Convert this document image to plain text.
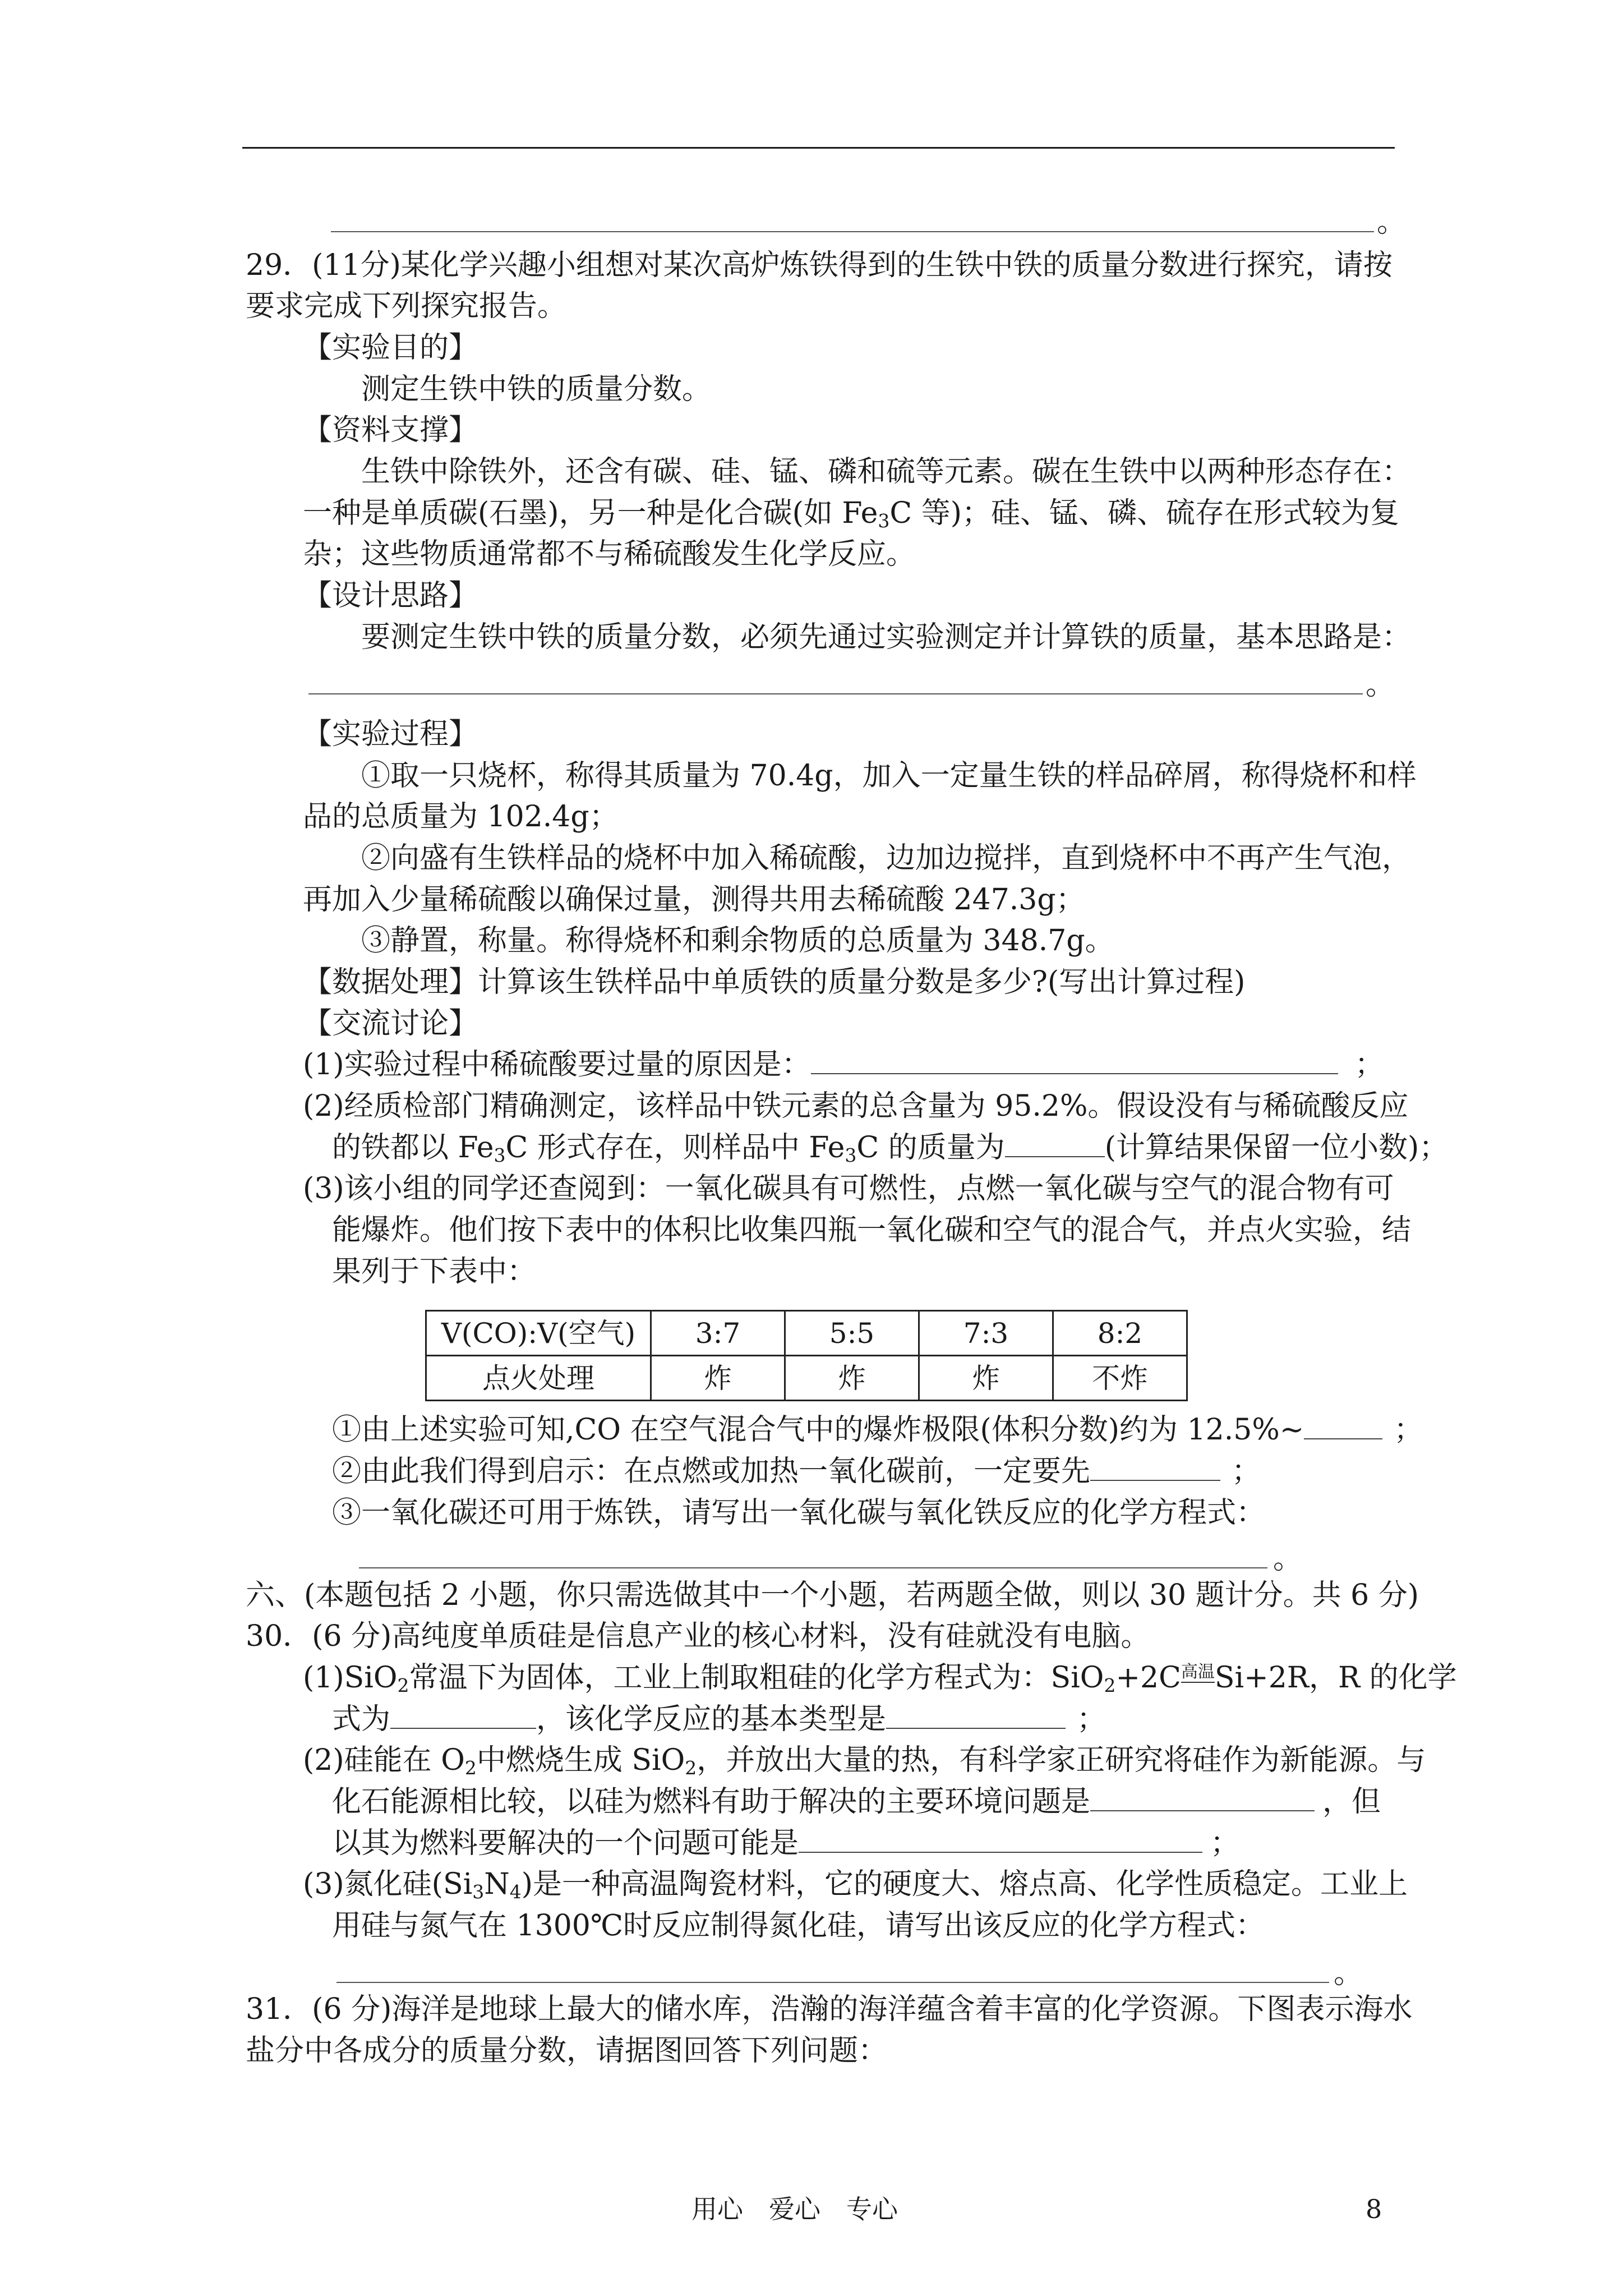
。
29．(11分)某化学兴趣小组想对某次高炉炼铁得到的生铁中铁的质量分数进行探究，请按
要求完成下列探究报告。
【实验目的】
测定生铁中铁的质量分数。
【资料支撑】
生铁中除铁外，还含有碳、硅、锰、磷和硫等元素。碳在生铁中以两种形态存在：
一种是单质碳(石墨)，另一种是化合碳(如 $Fe_3C$ 等)；硅、锰、磷、硫存在形式较为复
杂；这些物质通常都不与稀硫酸发生化学反应。
【设计思路】
要测定生铁中铁的质量分数，必须先通过实验测定并计算铁的质量，基本思路是：
。
【实验过程】
①取一只烧杯，称得其质量为 70.4g，加入一定量生铁的样品碎屑，称得烧杯和样
品的总质量为 102.4g；
②向盛有生铁样品的烧杯中加入稀硫酸，边加边搅拌，直到烧杯中不再产生气泡，
再加入少量稀硫酸以确保过量，测得共用去稀硫酸 247.3g；
③静置，称量。称得烧杯和剩余物质的总质量为 348.7g。
【数据处理】计算该生铁样品中单质铁的质量分数是多少?(写出计算过程)
【交流讨论】
(1)实验过程中稀硫酸要过量的原因是：	；
(2)经质检部门精确测定，该样品中铁元素的总含量为 95.2%。假设没有与稀硫酸反应
的铁都以 $Fe_3C$ 形式存在，则样品中 $Fe_3C$ 的质量为	(计算结果保留一位小数)；
(3)该小组的同学还查阅到：一氧化碳具有可燃性，点燃一氧化碳与空气的混合物有可
能爆炸。他们按下表中的体积比收集四瓶一氧化碳和空气的混合气，并点火实验，结
果列于下表中：
V(CO):V(空气)	3:7	5:5	7:3	8:2
点火处理	炸	炸	炸	不炸
①由上述实验可知,CO 在空气混合气中的爆炸极限(体积分数)约为 12.5%~	；
②由此我们得到启示：在点燃或加热一氧化碳前，一定要先	；
③一氧化碳还可用于炼铁，请写出一氧化碳与氧化铁反应的化学方程式：
。
六、(本题包括 2 小题，你只需选做其中一个小题，若两题全做，则以 30 题计分。共 6 分)
30．(6 分)高纯度单质硅是信息产业的核心材料，没有硅就没有电脑。
(1)SiO$_2$常温下为固体，工业上制取粗硅的化学方程式为：$SiO_2+2C^{高温}Si+2R$，R 的化学
式为	，该化学反应的基本类型是	；
(2)硅能在 $O_2$中燃烧生成 SiO$_2$，并放出大量的热，有科学家正研究将硅作为新能源。与
化石能源相比较，以硅为燃料有助于解决的主要环境问题是	，但
以其为燃料要解决的一个问题可能是	；
(3)氮化硅$(Si_3N_4)$是一种高温陶瓷材料，它的硬度大、熔点高、化学性质稳定。工业上
用硅与氮气在 1300℃时反应制得氮化硅，请写出该反应的化学方程式：
。
31．(6 分)海洋是地球上最大的储水库，浩瀚的海洋蕴含着丰富的化学资源。下图表示海水
盐分中各成分的质量分数，请据图回答下列问题：
用心　爱心　专心	8
